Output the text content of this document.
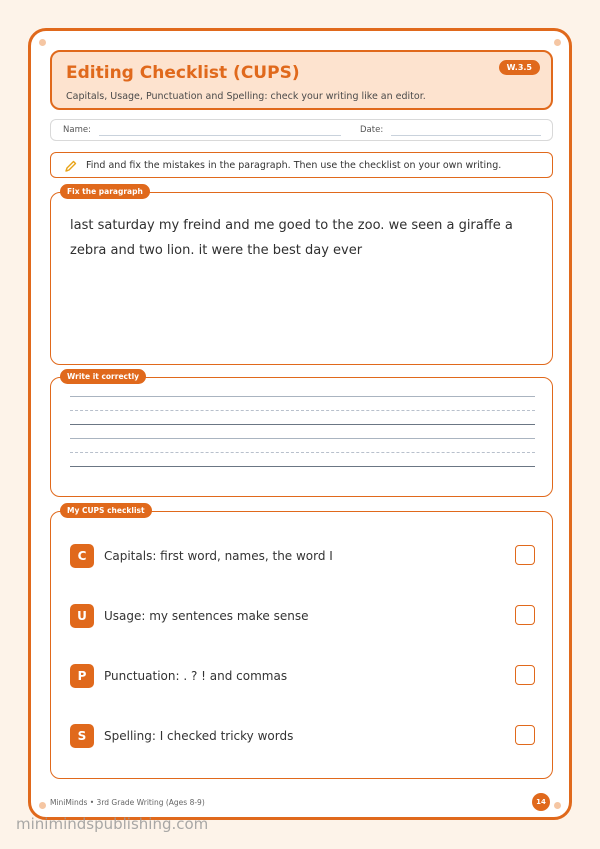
Editing Checklist (CUPS)
Capitals, Usage, Punctuation and Spelling: check your writing like an editor.
W.3.5
Name:	Date:
Find and fix the mistakes in the paragraph. Then use the checklist on your own writing.
Fix the paragraph
last saturday my freind and me goed to the zoo. we seen a giraffe a zebra and two lion. it were the best day ever
Write it correctly
My CUPS checklist
C	Capitals: first word, names, the word I
U	Usage: my sentences make sense
P	Punctuation: . ? ! and commas
S	Spelling: I checked tricky words
MiniMinds • 3rd Grade Writing (Ages 8-9)	14
minimindspublishing.com
